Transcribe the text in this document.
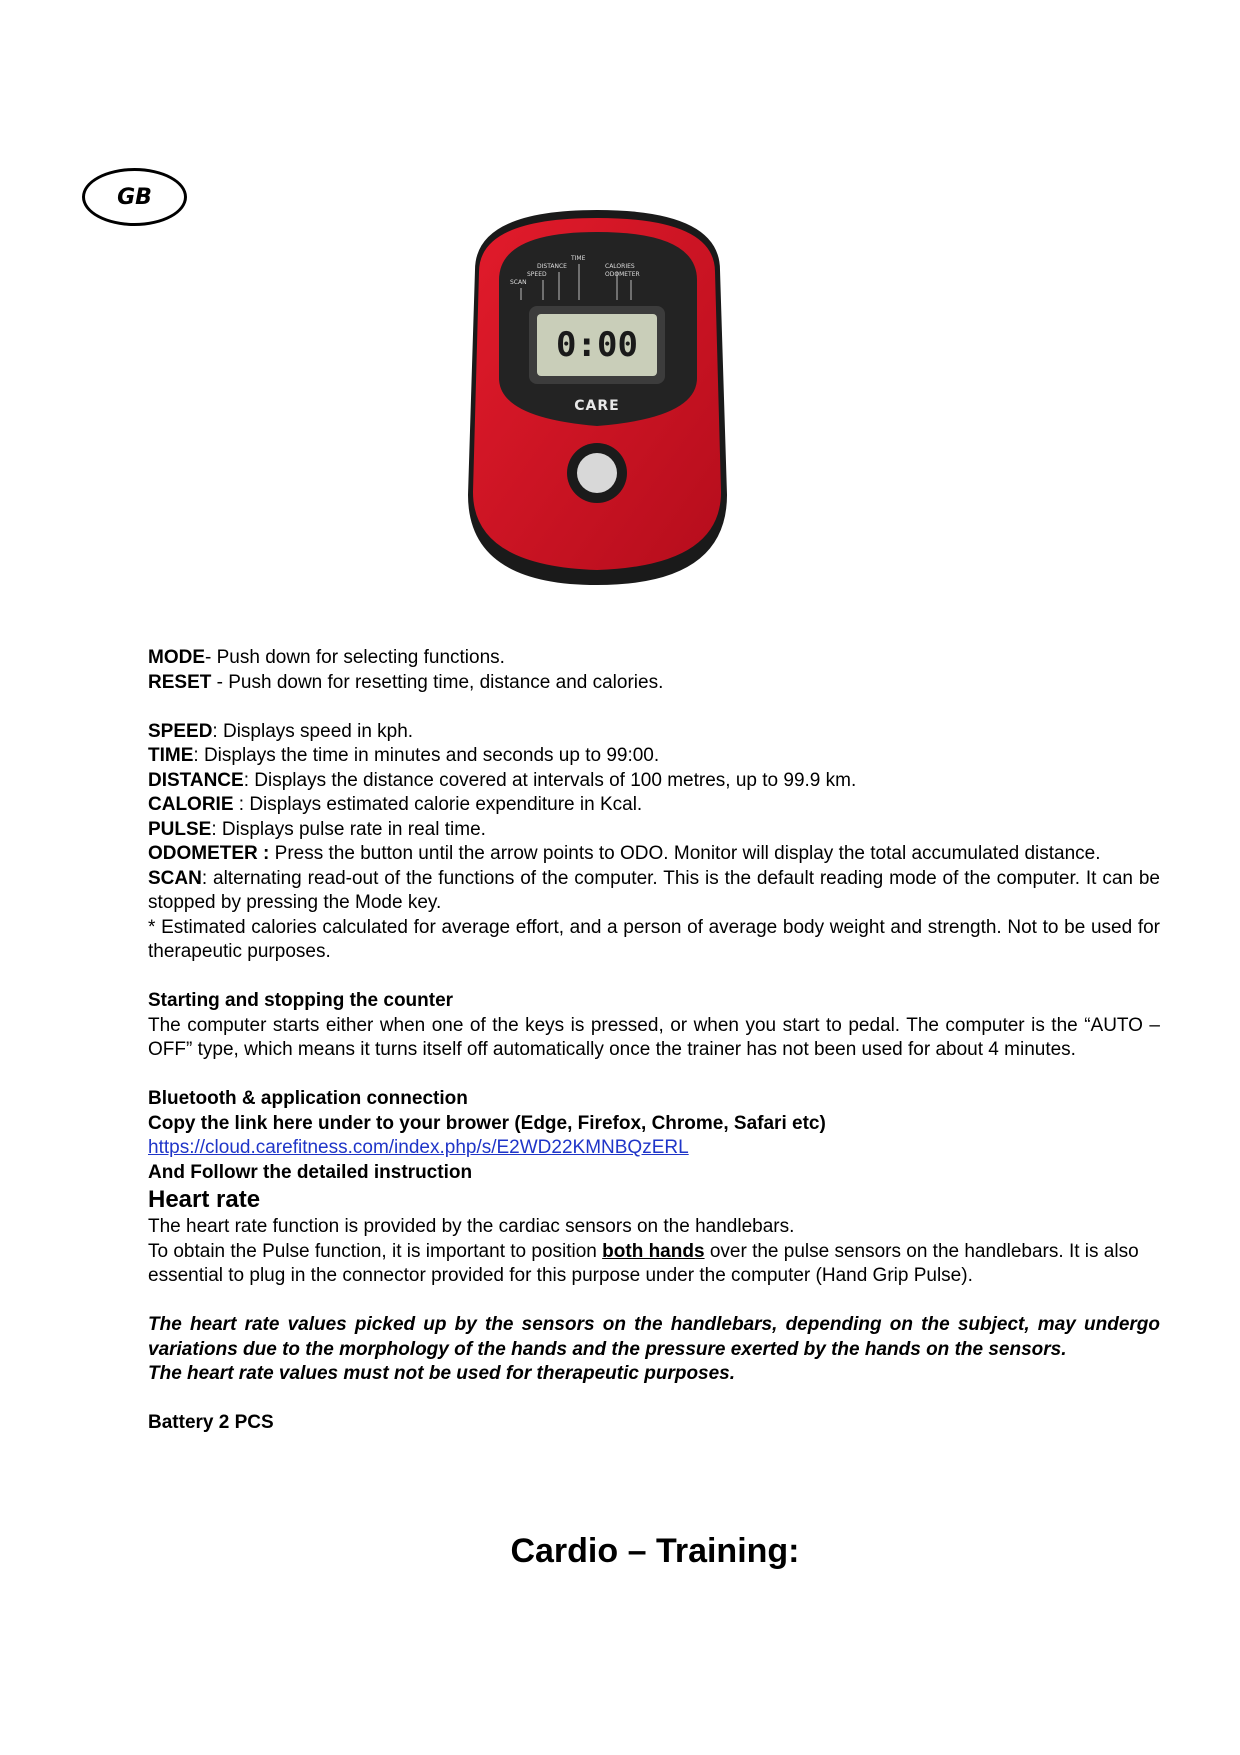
GB
0:00
SCAN
SPEED
DISTANCE
TIME
CALORIES
ODOMETER
CARE

MODE- Push down for selecting functions.

RESET - Push down for resetting time, distance and calories.

SPEED: Displays speed in kph.

TIME: Displays the time in minutes and seconds up to 99:00.

DISTANCE: Displays the distance covered at intervals of 100 metres, up to 99.9 km.

CALORIE : Displays estimated calorie expenditure in Kcal.

PULSE: Displays pulse rate in real time.

ODOMETER : Press the button until the arrow points to ODO. Monitor will display the total accumulated distance.

SCAN: alternating read-out of the functions of the computer. This is the default reading mode of the computer. It can be stopped by pressing the Mode key.

* Estimated calories calculated for average effort, and a person of average body weight and strength. Not to be used for therapeutic purposes.

Starting and stopping the counter

The computer starts either when one of the keys is pressed, or when you start to pedal. The computer is the “AUTO – OFF” type, which means it turns itself off automatically once the trainer has not been used for about 4 minutes.

Bluetooth & application connection

Copy the link here under to your brower (Edge, Firefox, Chrome, Safari etc)

https://cloud.carefitness.com/index.php/s/E2WD22KMNBQzERL

And Followr the detailed instruction

Heart rate

The heart rate function is provided by the cardiac sensors on the handlebars.

To obtain the Pulse function, it is important to position both hands over the pulse sensors on the handlebars. It is also essential to plug in the connector provided for this purpose under the computer (Hand Grip Pulse).

The heart rate values picked up by the sensors on the handlebars, depending on the subject, may undergo variations due to the morphology of the hands and the pressure exerted by the hands on the sensors.

The heart rate values must not be used for therapeutic purposes.

Battery 2 PCS

Cardio – Training:
